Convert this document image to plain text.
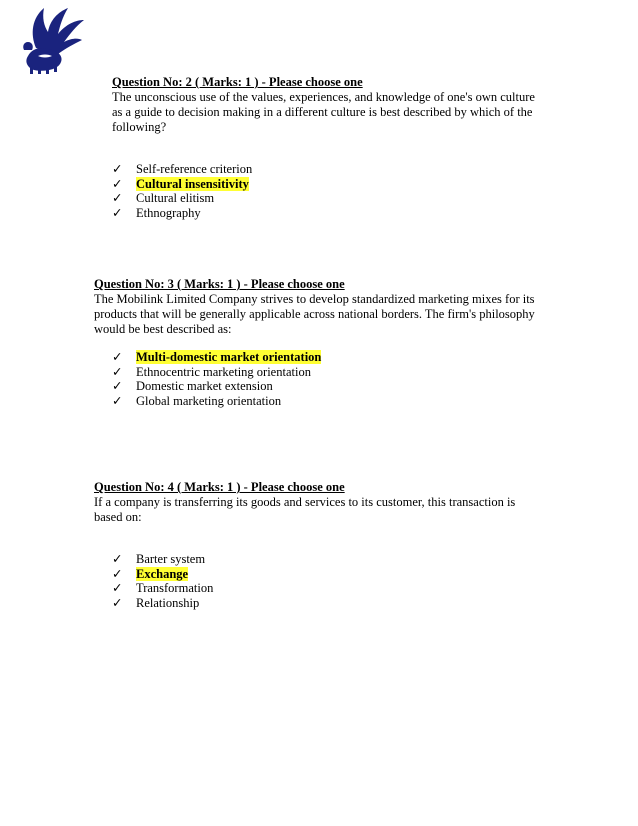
Question No: 2 ( Marks: 1 ) - Please choose one

The unconscious use of the values, experiences, and knowledge of one's own culture as a guide to decision making in a different culture is best described by which of the following?

✓ Self-reference criterion
✓ Cultural insensitivity
✓ Cultural elitism
✓ Ethnography
Question No: 3 ( Marks: 1 ) - Please choose one

The Mobilink Limited Company strives to develop standardized marketing mixes for its products that will be generally applicable across national borders. The firm's philosophy would be best described as:

✓ Multi-domestic market orientation
✓ Ethnocentric marketing orientation
✓ Domestic market extension
✓ Global marketing orientation
Question No: 4 ( Marks: 1 ) - Please choose one

If a company is transferring its goods and services to its customer, this transaction is based on:

✓ Barter system
✓ Exchange
✓ Transformation
✓ Relationship
